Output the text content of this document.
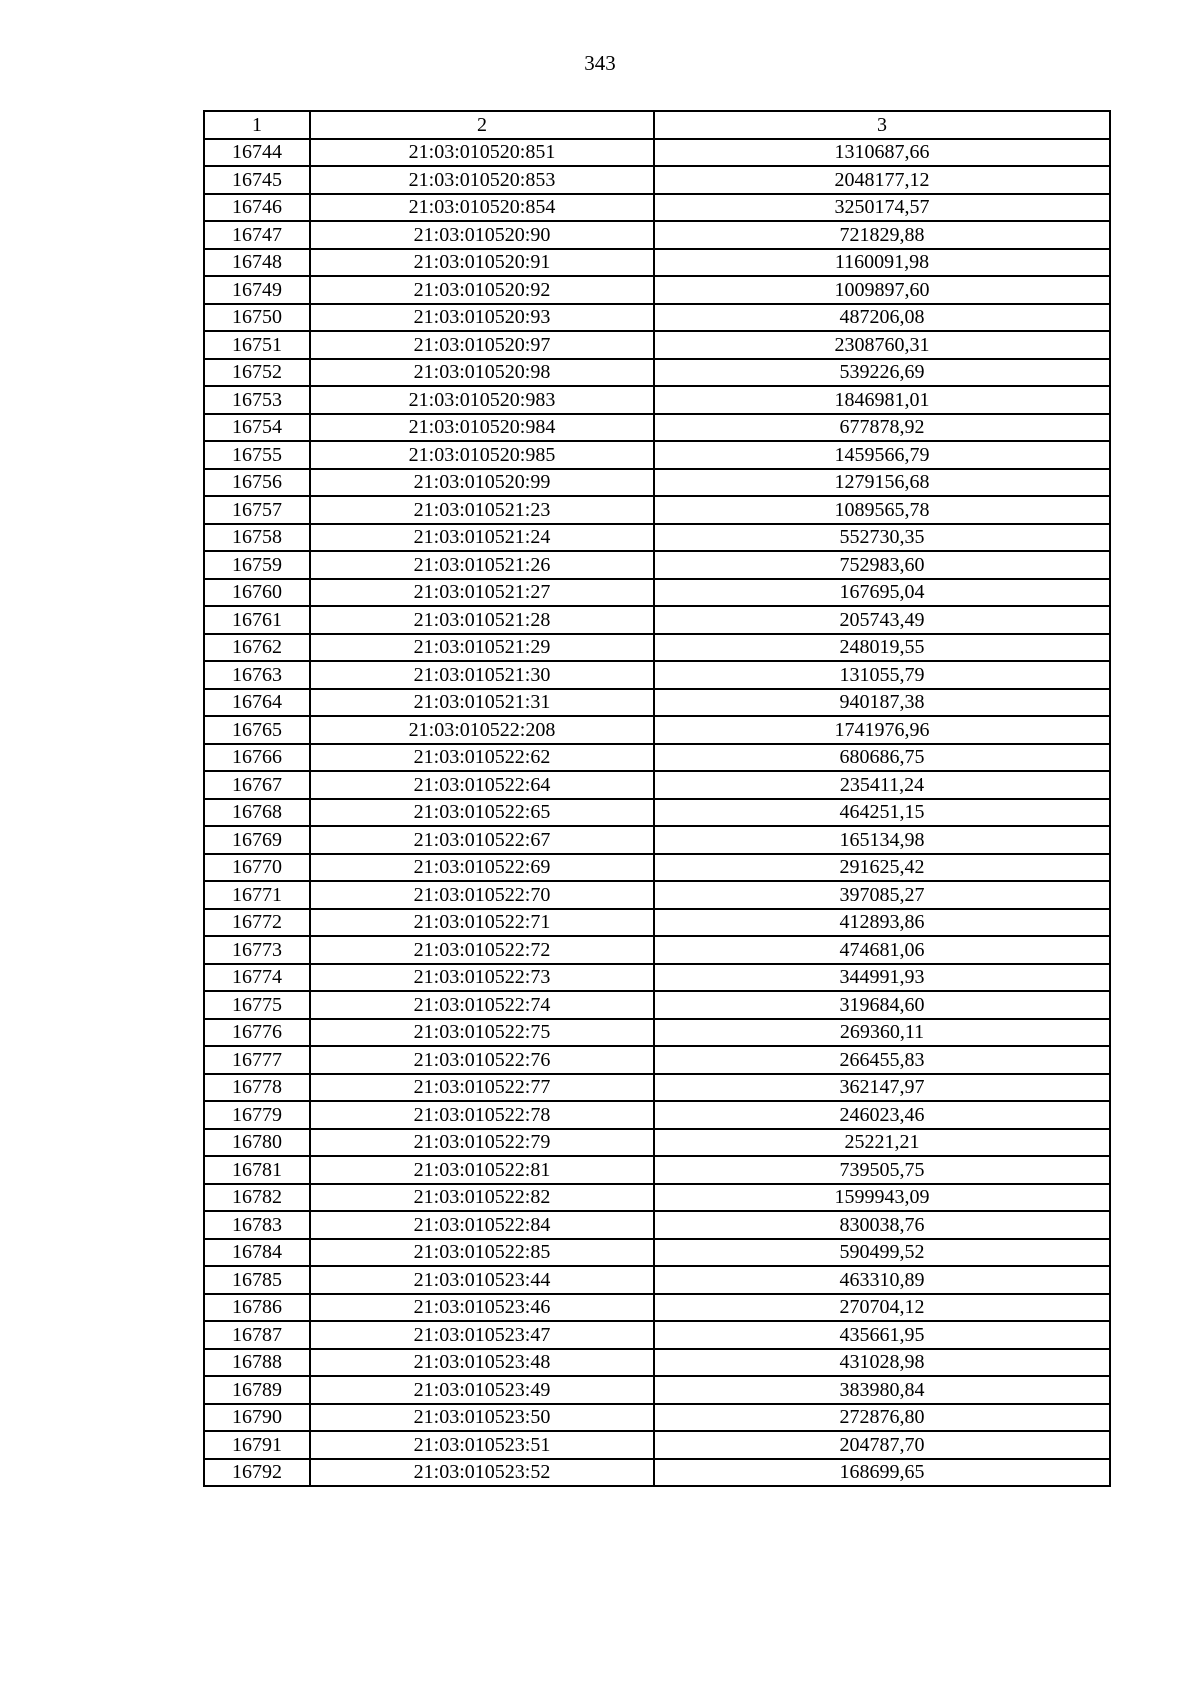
343
1	2	3
16744	21:03:010520:851	1310687,66
16745	21:03:010520:853	2048177,12
16746	21:03:010520:854	3250174,57
16747	21:03:010520:90	721829,88
16748	21:03:010520:91	1160091,98
16749	21:03:010520:92	1009897,60
16750	21:03:010520:93	487206,08
16751	21:03:010520:97	2308760,31
16752	21:03:010520:98	539226,69
16753	21:03:010520:983	1846981,01
16754	21:03:010520:984	677878,92
16755	21:03:010520:985	1459566,79
16756	21:03:010520:99	1279156,68
16757	21:03:010521:23	1089565,78
16758	21:03:010521:24	552730,35
16759	21:03:010521:26	752983,60
16760	21:03:010521:27	167695,04
16761	21:03:010521:28	205743,49
16762	21:03:010521:29	248019,55
16763	21:03:010521:30	131055,79
16764	21:03:010521:31	940187,38
16765	21:03:010522:208	1741976,96
16766	21:03:010522:62	680686,75
16767	21:03:010522:64	235411,24
16768	21:03:010522:65	464251,15
16769	21:03:010522:67	165134,98
16770	21:03:010522:69	291625,42
16771	21:03:010522:70	397085,27
16772	21:03:010522:71	412893,86
16773	21:03:010522:72	474681,06
16774	21:03:010522:73	344991,93
16775	21:03:010522:74	319684,60
16776	21:03:010522:75	269360,11
16777	21:03:010522:76	266455,83
16778	21:03:010522:77	362147,97
16779	21:03:010522:78	246023,46
16780	21:03:010522:79	25221,21
16781	21:03:010522:81	739505,75
16782	21:03:010522:82	1599943,09
16783	21:03:010522:84	830038,76
16784	21:03:010522:85	590499,52
16785	21:03:010523:44	463310,89
16786	21:03:010523:46	270704,12
16787	21:03:010523:47	435661,95
16788	21:03:010523:48	431028,98
16789	21:03:010523:49	383980,84
16790	21:03:010523:50	272876,80
16791	21:03:010523:51	204787,70
16792	21:03:010523:52	168699,65
